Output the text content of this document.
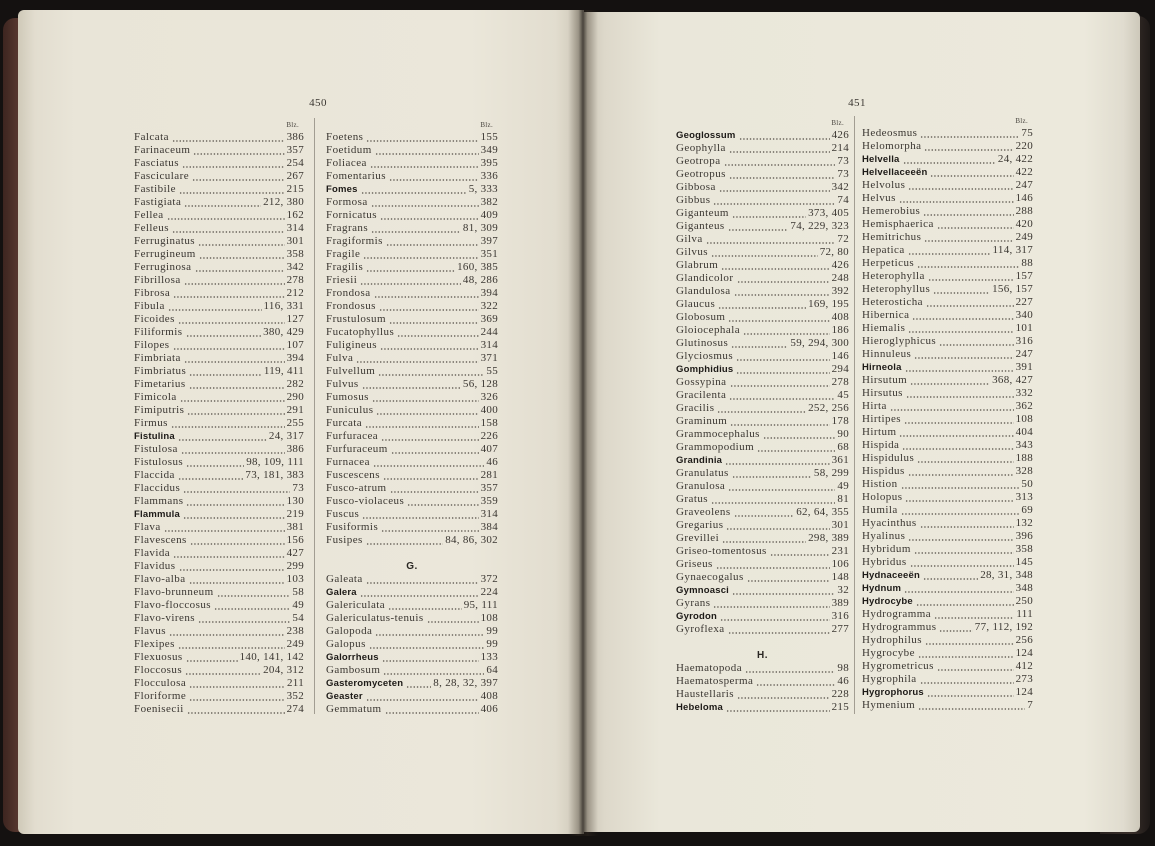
450	451
Blz.
Falcata	386
Farinaceum	357
Fasciatus	254
Fasciculare	267
Fastibile	215
Fastigiata	212, 380
Fellea	162
Felleus	314
Ferruginatus	301
Ferrugineum	358
Ferruginosa	342
Fibrillosa	278
Fibrosa	212
Fibula	116, 331
Ficoides	127
Filiformis	380, 429
Filopes	107
Fimbriata	394
Fimbriatus	119, 411
Fimetarius	282
Fimicola	290
Fimiputris	291
Firmus	255
Fistulina	24, 317
Fistulosa	386
Fistulosus	98, 109, 111
Flaccida	73, 181, 383
Flaccidus	73
Flammans	130
Flammula	219
Flava	381
Flavescens	156
Flavida	427
Flavidus	299
Flavo-alba	103
Flavo-brunneum	58
Flavo-floccosus	49
Flavo-virens	54
Flavus	238
Flexipes	249
Flexuosus	140, 141, 142
Floccosus	204, 312
Flocculosa	211
Floriforme	352
Foenisecii	274
Blz.
Foetens	155
Foetidum	349
Foliacea	395
Fomentarius	336
Fomes	5, 333
Formosa	382
Fornicatus	409
Fragrans	81, 309
Fragiformis	397
Fragile	351
Fragilis	160, 385
Friesii	48, 286
Frondosa	394
Frondosus	322
Frustulosum	369
Fucatophyllus	244
Fuligineus	314
Fulva	371
Fulvellum	55
Fulvus	56, 128
Fumosus	326
Funiculus	400
Furcata	158
Furfuracea	226
Furfuraceum	407
Furnacea	46
Fuscescens	281
Fusco-atrum	357
Fusco-violaceus	359
Fuscus	314
Fusiformis	384
Fusipes	84, 86, 302
G.
Galeata	372
Galera	224
Galericulata	95, 111
Galericulatus-tenuis	108
Galopoda	99
Galopus	99
Galorrheus	133
Gambosum	64
Gasteromyceten	8, 28, 32, 397
Geaster	408
Gemmatum	406
Blz.
Geoglossum	426
Geophylla	214
Geotropa	73
Geotropus	73
Gibbosa	342
Gibbus	74
Giganteum	373, 405
Giganteus	74, 229, 323
Gilva	72
Gilvus	72, 80
Glabrum	426
Glandicolor	248
Glandulosa	392
Glaucus	169, 195
Globosum	408
Gloiocephala	186
Glutinosus	59, 294, 300
Glyciosmus	146
Gomphidius	294
Gossypina	278
Gracilenta	45
Gracilis	252, 256
Graminum	178
Grammocephalus	90
Grammopodium	68
Grandinia	361
Granulatus	58, 299
Granulosa	49
Gratus	81
Graveolens	62, 64, 355
Gregarius	301
Grevillei	298, 389
Griseo-tomentosus	231
Griseus	106
Gynaecogalus	148
Gymnoasci	32
Gyrans	389
Gyrodon	316
Gyroflexa	277
H.
Haematopoda	98
Haematosperma	46
Haustellaris	228
Hebeloma	215
Blz.
Hedeosmus	75
Helomorpha	220
Helvella	24, 422
Helvellaceeën	422
Helvolus	247
Helvus	146
Hemerobius	288
Hemisphaerica	420
Hemitrichus	249
Hepatica	114, 317
Herpeticus	88
Heterophylla	157
Heterophyllus	156, 157
Heterosticha	227
Hibernica	340
Hiemalis	101
Hieroglyphicus	316
Hinnuleus	247
Hirneola	391
Hirsutum	368, 427
Hirsutus	332
Hirta	362
Hirtipes	108
Hirtum	404
Hispida	343
Hispidulus	188
Hispidus	328
Histion	50
Holopus	313
Humila	69
Hyacinthus	132
Hyalinus	396
Hybridum	358
Hybridus	145
Hydnaceeën	28, 31, 348
Hydnum	348
Hydrocybe	250
Hydrogramma	111
Hydrogrammus	77, 112, 192
Hydrophilus	256
Hygrocybe	124
Hygrometricus	412
Hygrophila	273
Hygrophorus	124
Hymenium	7
